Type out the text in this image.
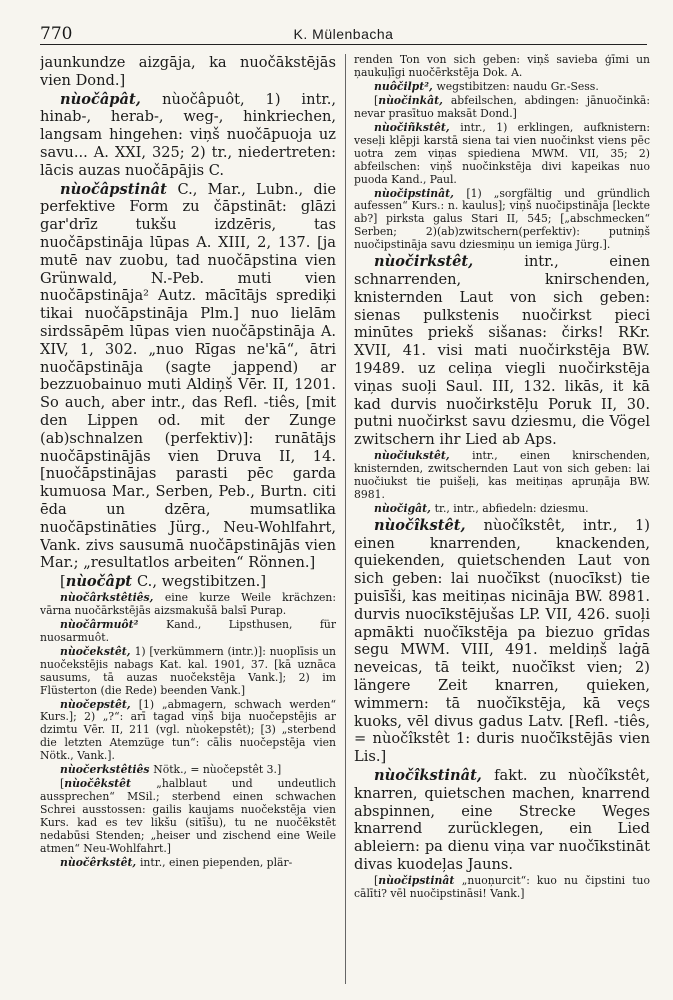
770	K. Mülenbacha

jaunkundze aizgāja, ka nuočākstējās vien Dond.]

nùočâpât, nùočâpuôt, 1) intr., hinab-, herab-, weg-, hinkriechen, langsam hingehen: viņš nuočāpuoja uz savu... A. XXI, 325; 2) tr., niedertreten: lācis auzas nuočāpājis C.

nùočâpstinât C., Mar., Lubn., die perfektive Form zu čāpstināt: glāzi gar'drīz tukšu izdzēris, tas nuočāpstināja lūpas A. XIII, 2, 137. [ja mutē nav zuobu, tad nuočāpstina vien Grünwald, N.-Peb. muti vien nuočāpstināja² Autz. mācītājs sprediķi tikai nuočāpstināja Plm.] nuo lielām sirdssāpēm lūpas vien nuočāpstināja A. XIV, 1, 302. „nuo Rīgas ne'kā“, ātri nuočāpstināja (sagte jappend) ar bezzuobainuo muti Aldiņš Vēr. II, 1201. So auch, aber intr., das Refl. -tiês, [mit den Lippen od. mit der Zunge (ab)schnalzen (perfektiv)]: runātājs nuočāpstinājās vien Druva II, 14. [nuočāpstinājas parasti pēc garda kumuosa Mar., Serben, Peb., Burtn. citi ēda un dzēra, mumsatlika nuočāpstināties Jürg., Neu-Wohlfahrt, Vank. zivs sausumā nuočāpstinājās vien Mar.; „resultatlos arbeiten“ Rönnen.]

[nùočâpt C., wegstibitzen.]

nùočârkstêtiês, eine kurze Weile krächzen: vārna nuočārkstējās aizsmakušā balsī Purap.

nùočârmuôt² Kand., Lipsthusen, für nuosarmuôt.

nùočekstêt, 1) [verkümmern (intr.)]: nuoplīsis un nuočekstējis nabags Kat. kal. 1901, 37. [kā uznāca sausums, tā auzas nuočekstēja Vank.]; 2) im Flüsterton (die Rede) beenden Vank.]

nùočepstêt, [1) „abmagern, schwach werden“ Kurs.]; 2) „?“: arī tagad viņš bija nuočepstējis ar dzimtu Vēr. II, 211 (vgl. nùokepstêt); [3) „sterbend die letzten Atemzüge tun“: cālis nuočepstēja vien Nötk., Vank.].

nùočerkstêtiês Nötk., = nùočepstêt 3.]

[nùočêkstêt „halblaut und undeutlich aussprechen“ MSil.; sterbend einen schwachen Schrei ausstossen: gailis kaujams nuočekstēja vien Kurs. kad es tev likšu (sitīšu), tu ne nuočēkstēt nedabūsi Stenden; „heiser und zischend eine Weile atmen“ Neu-Wohlfahrt.]

nùočêrkstêt, intr., einen piependen, plär-

renden Ton von sich geben: viņš savieba ģīmi un ņaukuļīgi nuočērkstēja Dok. A.

nuôčilpt², wegstibitzen: naudu Gr.-Sess.

[nùočinkât, abfeilschen, abdingen: jānuočinkā: nevar prasītuo maksāt Dond.]

nùočiñkstêt, intr., 1) erklingen, aufknistern: veseļi klēpji karstā siena tai vien nuočinkst viens pēc uotra zem viņas spiediena MWM. VII, 35; 2) abfeilschen: viņš nuočinkstēja divi kapeikas nuo puoda Kand., Paul.

nùočipstinât, [1) „sorgfältig und gründlich aufessen“ Kurs.: n. kaulus]; viņš nuočipstināja [leckte ab?] pirksta galus Stari II, 545; [„abschmecken“ Serben; 2)(ab)zwitschern(perfektiv): putniņš nuočipstināja savu dziesmiņu un iemiga Jürg.].

nùočirkstêt, intr., einen schnarrenden, knirschenden, knisternden Laut von sich geben: sienas pulkstenis nuočirkst pieci minūtes priekš sišanas: čirks! RKr. XVII, 41. visi mati nuočirkstēja BW. 19489. uz celiņa viegli nuočirkstēja viņas suoļi Saul. III, 132. likās, it kā kad durvis nuočirkstēļu Poruk II, 30. putni nuočirkst savu dziesmu, die Vögel zwitschern ihr Lied ab Aps.

nùočiukstêt, intr., einen knirschenden, knisternden, zwitschernden Laut von sich geben: lai nuočiukst tie puišeļi, kas meitiņas apruņāja BW. 8981.

nùočigât, tr., intr., abfiedeln: dziesmu.

nùočîkstêt, nùočîkstêt, intr., 1) einen knarrenden, knackenden, quiekenden, quietschenden Laut von sich geben: lai nuočīkst (nuocīkst) tie puisīši, kas meitiņas nicināja BW. 8981. durvis nuocīkstējušas LP. VII, 426. suoļi apmākti nuočīkstēja pa biezuo grīdas segu MWM. VIII, 491. meldiņš laġā neveicas, tā teikt, nuočīkst vien; 2) längere Zeit knarren, quieken, wimmern: tā nuočīkstēja, kā veçs kuoks, vēl divus gadus Latv. [Refl. -tiês, = nùočîkstêt 1: duris nuočīkstējās vien Lis.]

nùočîkstinât, fakt. zu nùočîkstêt, knarren, quietschen machen, knarrend abspinnen, eine Strecke Weges knarrend zurücklegen, ein Lied ableiern: pa dienu viņa var nuočīkstināt divas kuodeļas Jauns.

[nùočipstinât „nuoņurcit“: kuo nu čipstini tuo cālīti? vēl nuočipstināsi! Vank.]
